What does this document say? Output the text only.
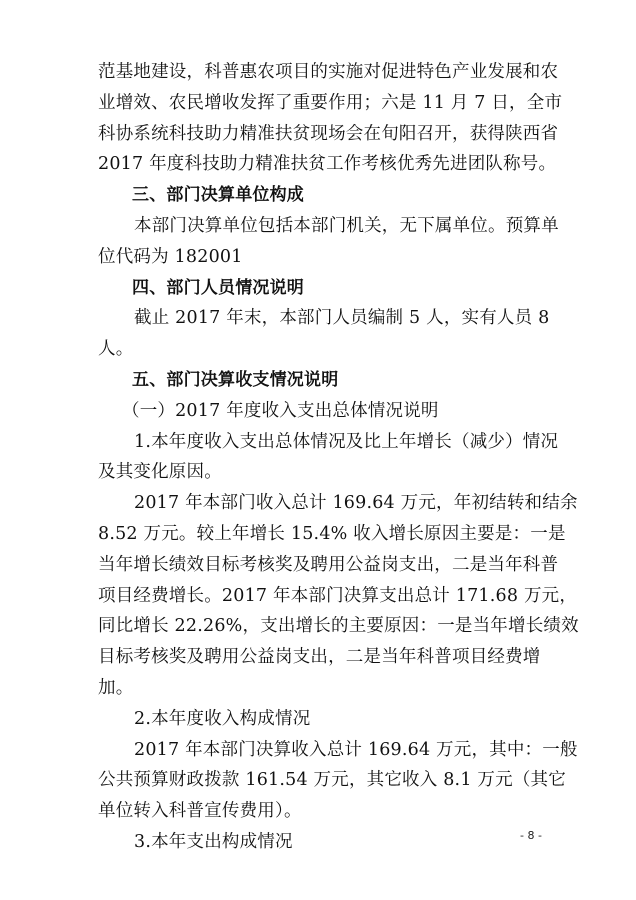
范基地建设，科普惠农项目的实施对促进特色产业发展和农
业增效、农民增收发挥了重要作用；六是 11 月 7 日，全市
科协系统科技助力精准扶贫现场会在旬阳召开，获得陕西省
2017 年度科技助力精准扶贫工作考核优秀先进团队称号。
三、部门决算单位构成
本部门决算单位包括本部门机关，无下属单位。预算单
位代码为 182001
四、部门人员情况说明
截止 2017 年末，本部门人员编制 5 人，实有人员 8
人。
五、部门决算收支情况说明
（一）2017 年度收入支出总体情况说明
1.本年度收入支出总体情况及比上年增长（减少）情况
及其变化原因。
2017 年本部门收入总计 169.64 万元，年初结转和结余
8.52 万元。较上年增长 15.4% 收入增长原因主要是：一是
当年增长绩效目标考核奖及聘用公益岗支出，二是当年科普
项目经费增长。2017 年本部门决算支出总计 171.68 万元，
同比增长 22.26%，支出增长的主要原因：一是当年增长绩效
目标考核奖及聘用公益岗支出，二是当年科普项目经费增
加。
2.本年度收入构成情况
2017 年本部门决算收入总计 169.64 万元，其中：一般
公共预算财政拨款 161.54 万元，其它收入 8.1 万元（其它
单位转入科普宣传费用）。
3.本年支出构成情况	- 8 -
